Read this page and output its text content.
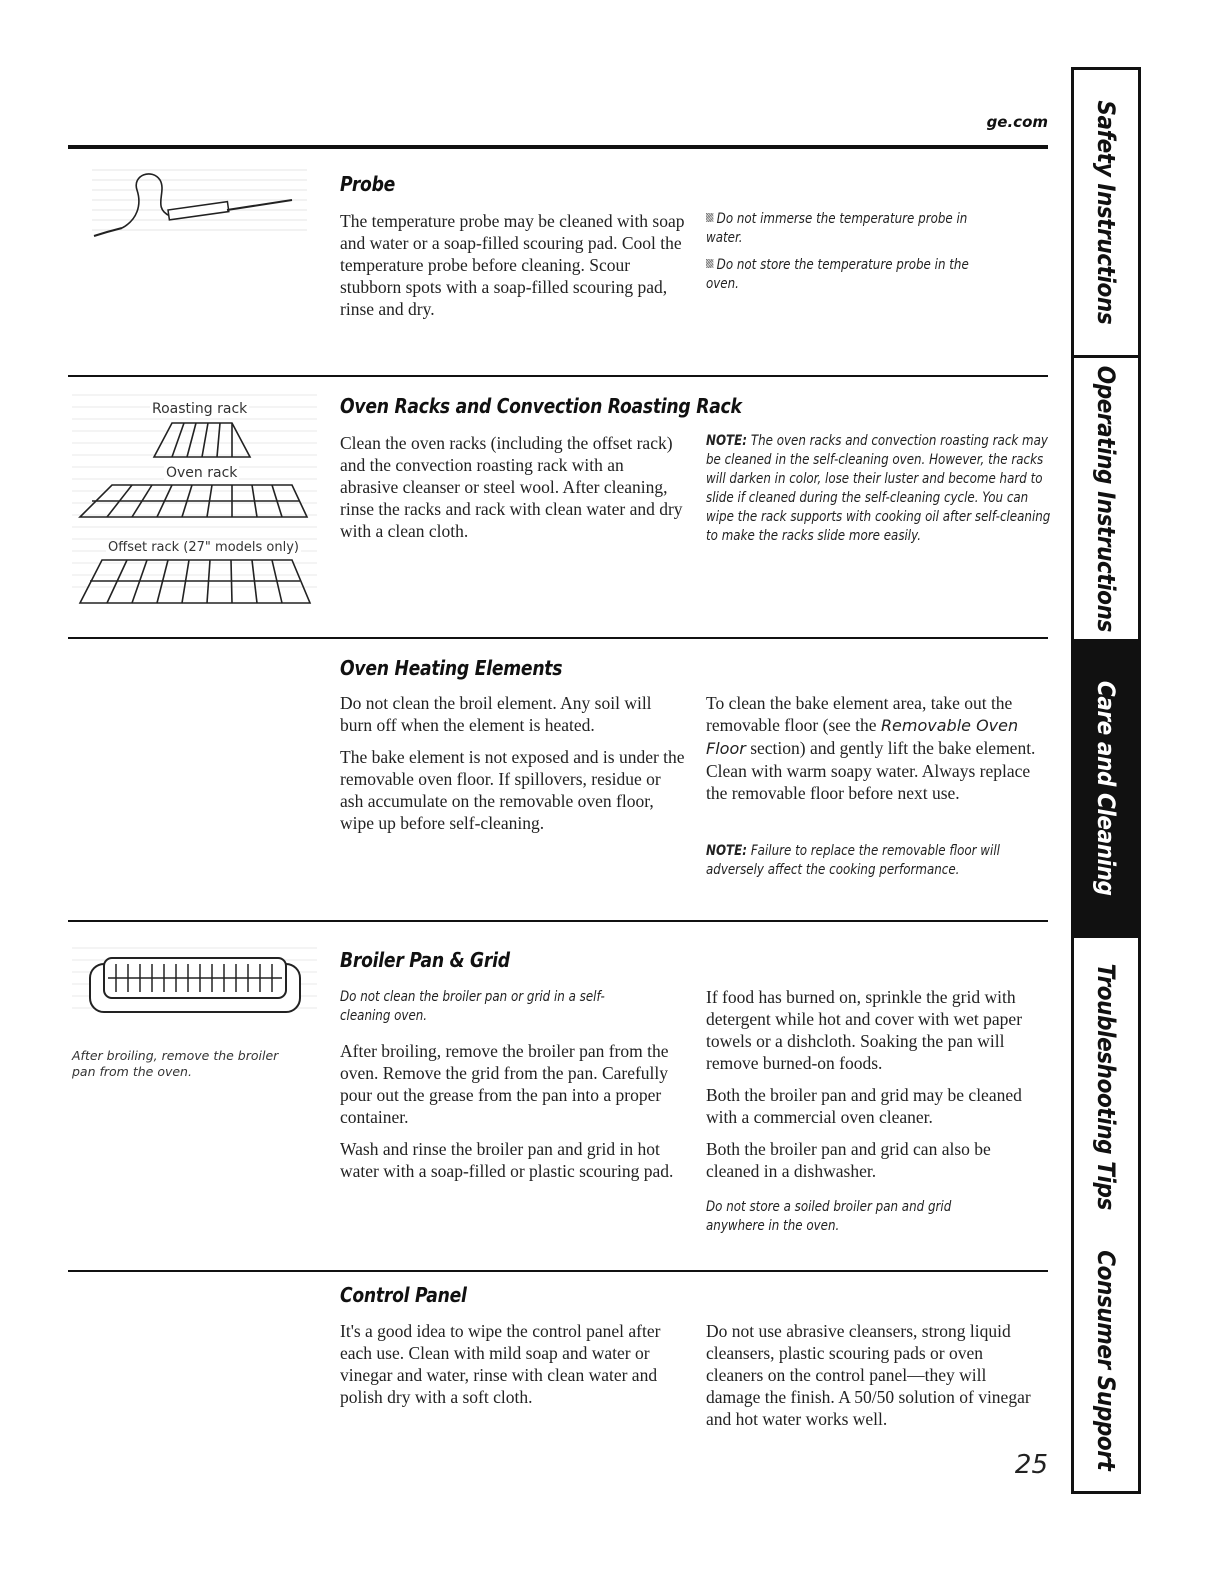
ge.com
Probe
The temperature probe may be cleaned with soap and water or a soap-filled scouring pad. Cool the temperature probe before cleaning. Scour stubborn spots with a soap-filled scouring pad, rinse and dry.

Do not immerse the temperature probe in water.

Do not store the temperature probe in the oven.

Roasting rack
Oven rack
Offset rack (27" models only)
Oven Racks and Convection Roasting Rack
Clean the oven racks (including the offset rack) and the convection roasting rack with an abrasive cleanser or steel wool. After cleaning, rinse the racks and rack with clean water and dry with a clean cloth.
NOTE: The oven racks and convection roasting rack may be cleaned in the self-cleaning oven. However, the racks will darken in color, lose their luster and become hard to slide if cleaned during the self-cleaning cycle. You can wipe the rack supports with cooking oil after self-cleaning to make the racks slide more easily.
Oven Heating Elements

Do not clean the broil element. Any soil will burn off when the element is heated.

The bake element is not exposed and is under the removable oven floor. If spillovers, residue or ash accumulate on the removable oven floor, wipe up before self-cleaning.

To clean the bake element area, take out the removable floor (see the Removable Oven Floor section) and gently lift the bake element. Clean with warm soapy water. Always replace the removable floor before next use.

NOTE: Failure to replace the removable floor will adversely affect the cooking performance.
After broiling, remove the broiler pan from the oven.
Broiler Pan & Grid
Do not clean the broiler pan or grid in a self-cleaning oven.

After broiling, remove the broiler pan from the oven. Remove the grid from the pan. Carefully pour out the grease from the pan into a proper container.

Wash and rinse the broiler pan and grid in hot water with a soap-filled or plastic scouring pad.

If food has burned on, sprinkle the grid with detergent while hot and cover with wet paper towels or a dishcloth. Soaking the pan will remove burned-on foods.

Both the broiler pan and grid may be cleaned with a commercial oven cleaner.

Both the broiler pan and grid can also be cleaned in a dishwasher.

Do not store a soiled broiler pan and grid anywhere in the oven.
Control Panel
It's a good idea to wipe the control panel after each use. Clean with mild soap and water or vinegar and water, rinse with clean water and polish dry with a soft cloth.
Do not use abrasive cleansers, strong liquid cleansers, plastic scouring pads or oven cleaners on the control panel—they will damage the finish. A 50/50 solution of vinegar and hot water works well.
25
Safety Instructions
Operating Instructions
Care and Cleaning
Troubleshooting Tips
Consumer Support
